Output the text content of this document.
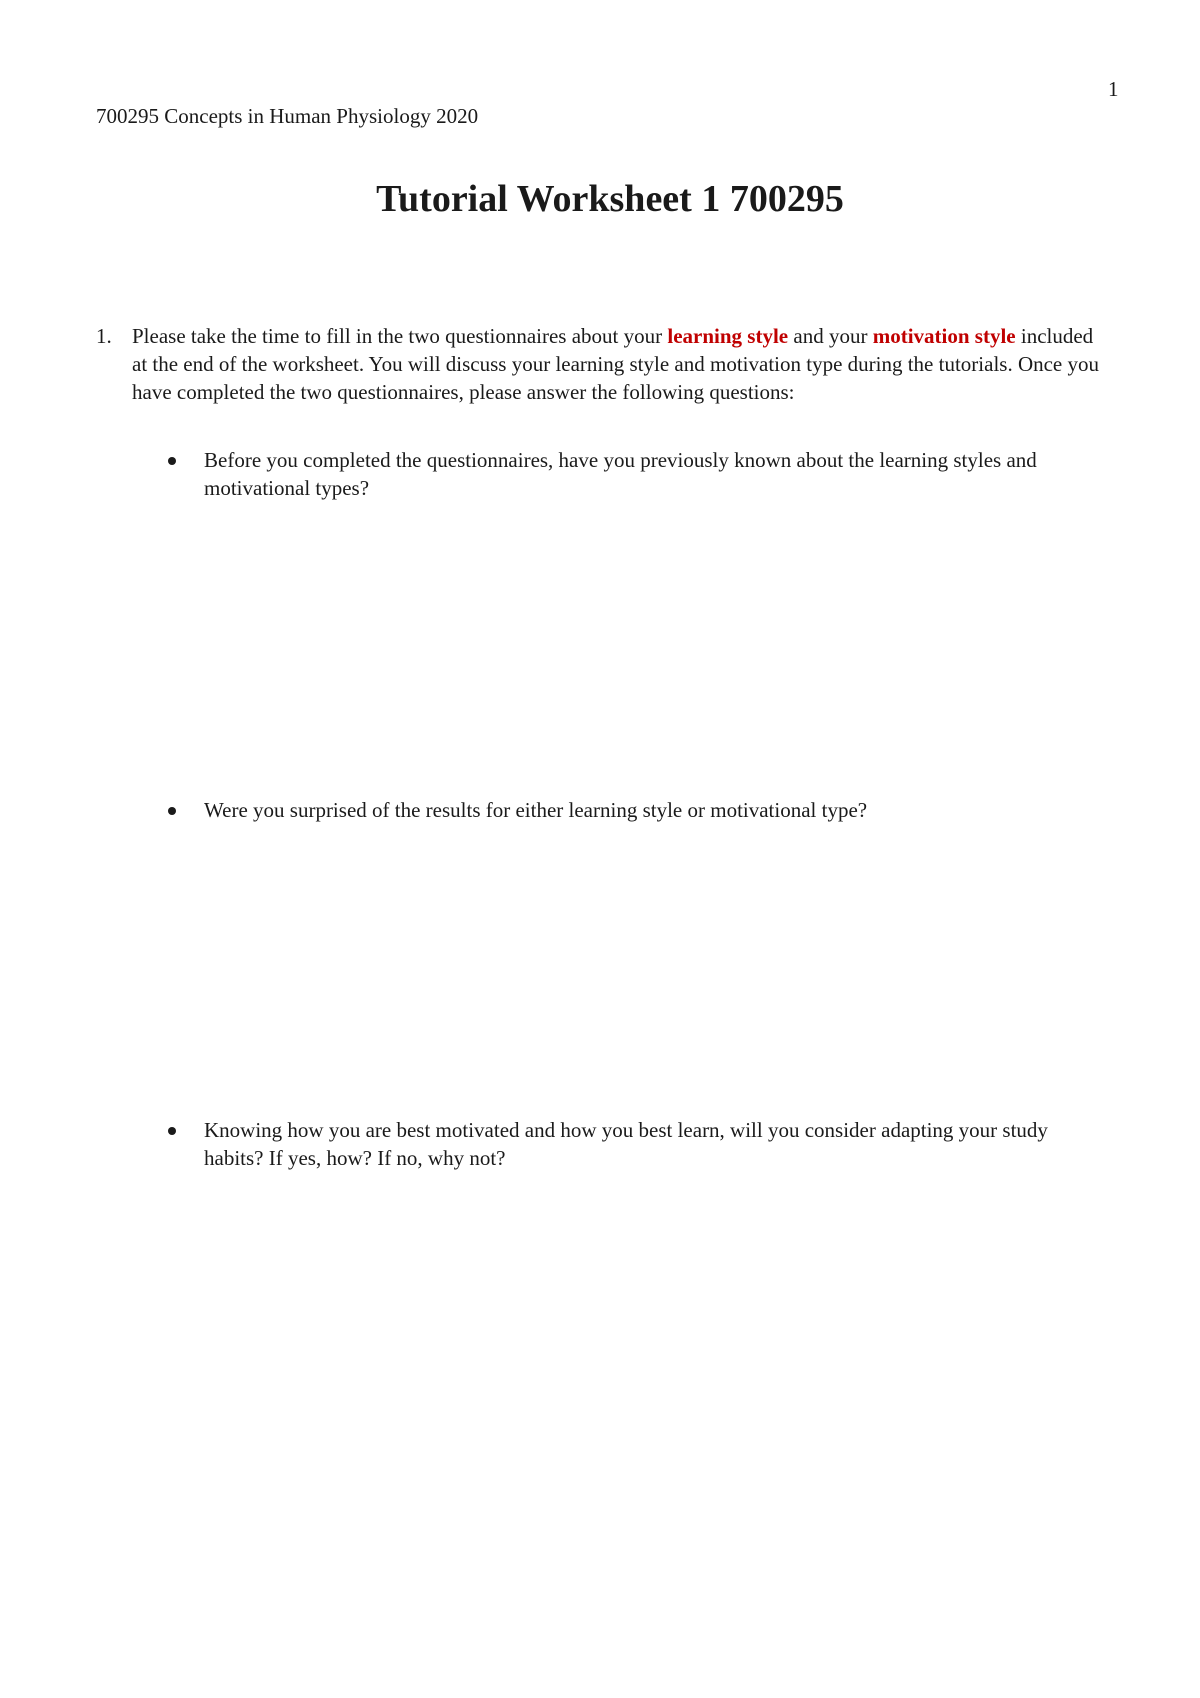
1
700295 Concepts in Human Physiology 2020
Tutorial Worksheet 1 700295
1. Please take the time to fill in the two questionnaires about your learning style and your motivation style included at the end of the worksheet. You will discuss your learning style and motivation type during the tutorials. Once you have completed the two questionnaires, please answer the following questions:
Before you completed the questionnaires, have you previously known about the learning styles and motivational types?
Were you surprised of the results for either learning style or motivational type?
Knowing how you are best motivated and how you best learn, will you consider adapting your study habits? If yes, how? If no, why not?
